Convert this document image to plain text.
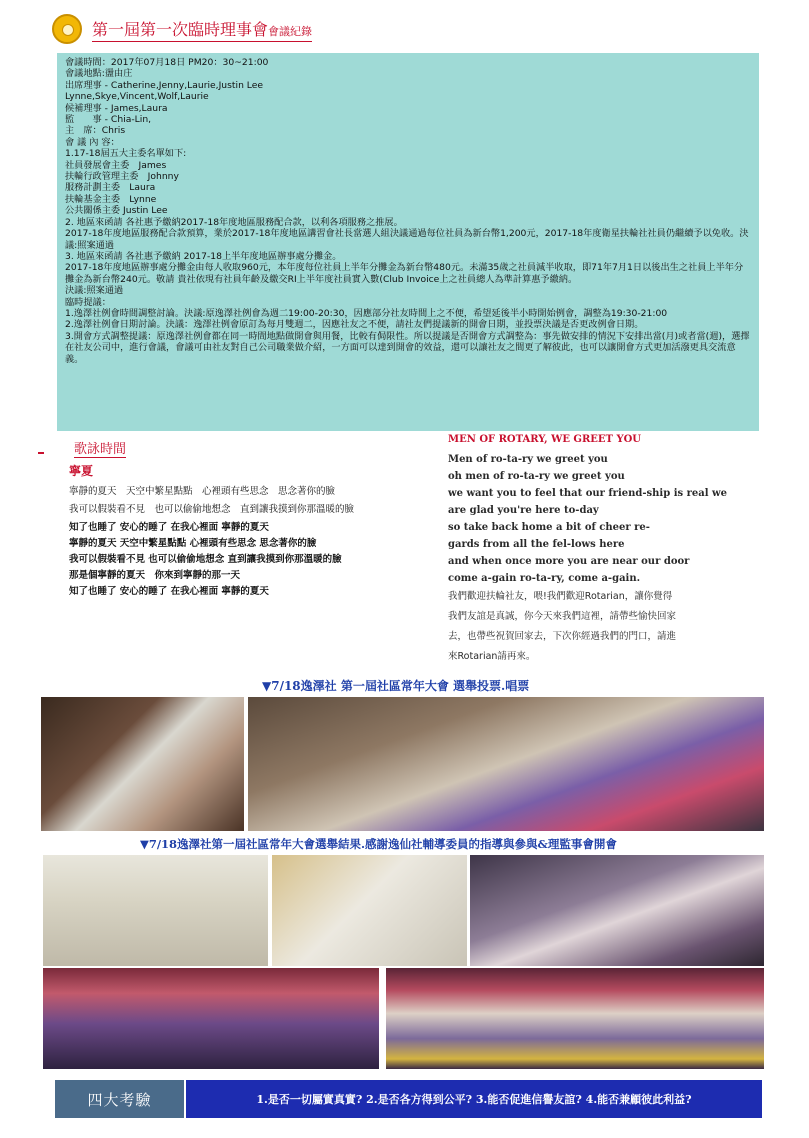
第一屆第一次臨時理事會會議紀錄

會議時間：2017年07月18日 PM20：30~21:00

會議地點:盪由庄

出席理事 - Catherine,Jenny,Laurie,Justin Lee

Lynne,Skye,Vincent,Wolf,Laurie

候補理事 - James,Laura

監　　事 - Chia-Lin,

主　席：Chris

會 議 內 容：

1.17-18屆五大主委名單如下:

社員發展會主委　James

扶輪行政管理主委　Johnny

服務計劃主委　Laura

扶輪基金主委　Lynne

公共關係主委 Justin Lee

2. 地區來函請 各社惠予繳納2017-18年度地區服務配合款，以利各項服務之推展。

2017-18年度地區服務配合款預算，業於2017-18年度地區講習會社長當選人組決議通過每位社員為新台幣1,200元，2017-18年度衛星扶輪社社員仍繼續予以免收。決議:照案通過

3. 地區來函請 各社惠予繳納 2017-18上半年度地區辦事處分攤金。

2017-18年度地區辦事處分攤金由每人收取960元，本年度每位社員上半年分攤金為新台幣480元。未滿35歲之社員減半收取，即71年7月1日以後出生之社員上半年分攤金為新台幣240元。敬請 貴社依現有社員年齡及繳交RI上半年度社員實入數(Club Invoice上之社員總人為準計算惠予繳納。

決議:照案通過

臨時提議：

1.逸澤社例會時間調整討論。決議:原逸澤社例會為週二19:00-20:30，因應部分社友時間上之不便，希望延後半小時開始例會，調整為19:30-21:00

2.逸澤社例會日期討論。決議：逸澤社例會原訂為每月雙週二，因應社友之不便，請社友們提議新的開會日期，並投票決議是否更改例會日期。

3.開會方式調整提議：原逸澤社例會都在同一時間地點做開會與用餐，比較有侷限性。所以提議是否開會方式調整為：事先做安排的情況下安排出當(月)或者當(週)，選擇在社友公司中，進行會議，會議可由社友對自己公司職業做介紹，一方面可以達到開會的效益，還可以讓社友之間更了解彼此，也可以讓開會方式更加活潑更具交流意義。

歌詠時間
寧夏

寧靜的夏天　天空中繁星點點　心裡頭有些思念　思念著你的臉

我可以假裝看不見　也可以偷偷地想念　直到讓我摸到你那溫暖的臉

知了也睡了 安心的睡了 在我心裡面 寧靜的夏天

寧靜的夏天 天空中繁星點點 心裡頭有些思念 思念著你的臉

我可以假裝看不見 也可以偷偷地想念 直到讓我摸到你那溫暖的臉

那是個寧靜的夏天　你來到寧靜的那一天

知了也睡了 安心的睡了 在我心裡面 寧靜的夏天

MEN OF ROTARY, WE GREET YOU
Men of ro-ta-ry we greet you
oh men of ro-ta-ry we greet you
we want you to feel that our friend-ship is real we
are glad you're here to-day
so take back home a bit of cheer re-
gards from all the fel-lows here
and when once more you are near our door
come a-gain ro-ta-ry, come a-gain.
我們歡迎扶輪社友，喂!我們歡迎Rotarian，讓你覺得
我們友誼是真誠，你今天來我們這裡，請帶些愉快回家
去，也帶些祝賀回家去，下次你經過我們的門口，請進
來Rotarian請再來。
▼7/18逸澤社 第一屆社區常年大會 選舉投票.唱票
▼7/18逸澤社第一屆社區常年大會選舉結果.感謝逸仙社輔導委員的指導與參與&理監事會開會
四大考驗	1.是否一切屬實真實? 2.是否各方得到公平? 3.能否促進信譽友誼? 4.能否兼顧彼此利益?
